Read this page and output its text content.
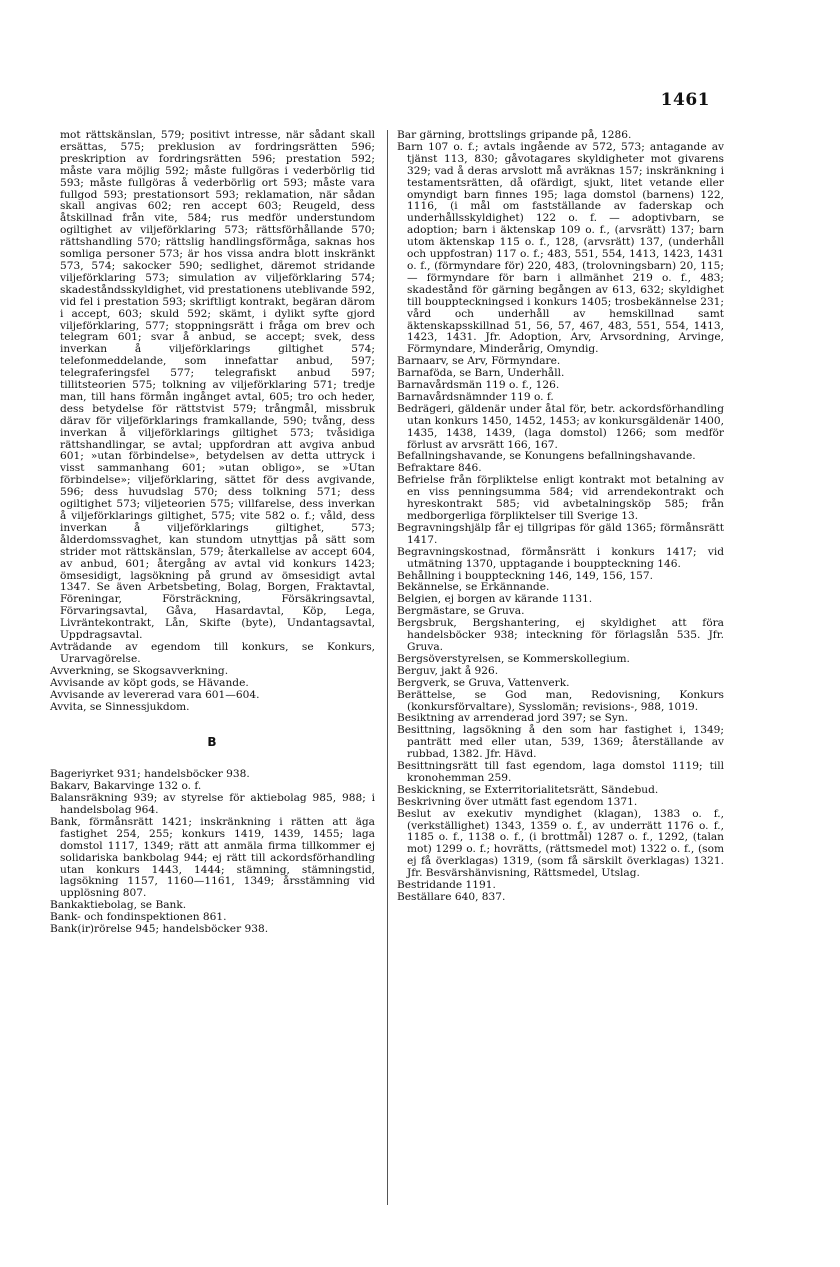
1461

mot rättskänslan, 579; positivt intresse, när sådant skall ersättas, 575; preklusion av fordringsrätten 596; preskription av fordringsrätten 596; prestation 592; måste vara möjlig 592; måste fullgöras i vederbörlig tid 593; måste fullgöras å vederbörlig ort 593; måste vara fullgod 593; prestationsort 593; reklamation, när sådan skall angivas 602; ren accept 603; Reugeld, dess åtskillnad från vite, 584; rus medför understundom ogiltighet av viljeförklaring 573; rättsförhållande 570; rättshandling 570; rättslig handlingsförmåga, saknas hos somliga personer 573; är hos vissa andra blott inskränkt 573, 574; sakocker 590; sedlighet, däremot stridande viljeförklaring 573; simulation av viljeförklaring 574; skadeståndsskyldighet, vid prestationens uteblivande 592, vid fel i prestation 593; skriftligt kontrakt, begäran därom i accept, 603; skuld 592; skämt, i dylikt syfte gjord viljeförklaring, 577; stoppningsrätt i fråga om brev och telegram 601; svar å anbud, se accept; svek, dess inverkan å viljeförklarings giltighet 574; telefonmeddelande, som innefattar anbud, 597; telegraferingsfel 577; telegrafiskt anbud 597; tillitsteorien 575; tolkning av viljeförklaring 571; tredje man, till hans förmån ingånget avtal, 605; tro och heder, dess betydelse för rättstvist 579; trångmål, missbruk därav för viljeförklarings framkallande, 590; tvång, dess inverkan å viljeförklarings giltighet 573; tvåsidiga rättshandlingar, se avtal; uppfordran att avgiva anbud 601; »utan förbindelse», betydelsen av detta uttryck i visst sammanhang 601; »utan obligo», se »Utan förbindelse»; viljeförklaring, sättet för dess avgivande, 596; dess huvudslag 570; dess tolkning 571; dess ogiltighet 573; viljeteorien 575; villfarelse, dess inverkan å viljeförklarings giltighet, 575; vite 582 o. f.; våld, dess inverkan å viljeförklarings giltighet, 573; ålderdomssvaghet, kan stundom utnyttjas på sätt som strider mot rättskänslan, 579; återkallelse av accept 604, av anbud, 601; återgång av avtal vid konkurs 1423; ömsesidigt, lagsökning på grund av ömsesidigt avtal 1347. Se även Arbetsbeting, Bolag, Borgen, Fraktavtal, Föreningar, Försträckning, Försäkringsavtal, Förvaringsavtal, Gåva, Hasardavtal, Köp, Lega, Livräntekontrakt, Lån, Skifte (byte), Undantagsavtal, Uppdragsavtal.

Avträdande av egendom till konkurs, se Konkurs, Urarvagörelse.

Avverkning, se Skogsavverkning.

Avvisande av köpt gods, se Hävande.

Avvisande av levererad vara 601—604.

Avvita, se Sinnessjukdom.

B

Bageriyrket 931; handelsböcker 938.

Bakarv, Bakarvinge 132 o. f.

Balansräkning 939; av styrelse för aktiebolag 985, 988; i handelsbolag 964.

Bank, förmånsrätt 1421; inskränkning i rätten att äga fastighet 254, 255; konkurs 1419, 1439, 1455; laga domstol 1117, 1349; rätt att anmäla firma tillkommer ej solidariska bankbolag 944; ej rätt till ackordsförhandling utan konkurs 1443, 1444; stämning, stämningstid, lagsökning 1157, 1160—1161, 1349; årsstämning vid upplösning 807.

Bankaktiebolag, se Bank.

Bank- och fondinspektionen 861.

Bank(ir)rörelse 945; handelsböcker 938.

Bar gärning, brottslings gripande på, 1286.

Barn 107 o. f.; avtals ingående av 572, 573; antagande av tjänst 113, 830; gåvotagares skyldigheter mot givarens 329; vad å deras arvslott må avräknas 157; inskränkning i testamentsrätten, då ofärdigt, sjukt, litet vetande eller omyndigt barn finnes 195; laga domstol (barnens) 122, 1116, (i mål om fastställande av faderskap och underhållsskyldighet) 122 o. f. — adoptivbarn, se adoption; barn i äktenskap 109 o. f., (arvsrätt) 137; barn utom äktenskap 115 o. f., 128, (arvsrätt) 137, (underhåll och uppfostran) 117 o. f.; 483, 551, 554, 1413, 1423, 1431 o. f., (förmyndare för) 220, 483, (trolovningsbarn) 20, 115; — förmyndare för barn i allmänhet 219 o. f., 483; skadestånd för gärning begången av 613, 632; skyldighet till bouppteckningsed i konkurs 1405; trosbekännelse 231; vård och underhåll av hemskillnad samt äktenskapsskillnad 51, 56, 57, 467, 483, 551, 554, 1413, 1423, 1431. Jfr. Adoption, Arv, Arvsordning, Arvinge, Förmyndare, Minderårig, Omyndig.

Barnaarv, se Arv, Förmyndare.

Barnaföda, se Barn, Underhåll.

Barnavårdsmän 119 o. f., 126.

Barnavårdsnämnder 119 o. f.

Bedrägeri, gäldenär under åtal för, betr. ackordsförhandling utan konkurs 1450, 1452, 1453; av konkursgäldenär 1400, 1435, 1438, 1439, (laga domstol) 1266; som medför förlust av arvsrätt 166, 167.

Befallningshavande, se Konungens befallningshavande.

Befraktare 846.

Befrielse från förpliktelse enligt kontrakt mot betalning av en viss penningsumma 584; vid arrendekontrakt och hyreskontrakt 585; vid avbetalningsköp 585; från medborgerliga förpliktelser till Sverige 13.

Begravningshjälp får ej tillgripas för gäld 1365; förmånsrätt 1417.

Begravningskostnad, förmånsrätt i konkurs 1417; vid utmätning 1370, upptagande i bouppteckning 146.

Behållning i bouppteckning 146, 149, 156, 157.

Bekännelse, se Erkännande.

Belgien, ej borgen av kärande 1131.

Bergmästare, se Gruva.

Bergsbruk, Bergshantering, ej skyldighet att föra handelsböcker 938; inteckning för förlagslån 535. Jfr. Gruva.

Bergsöverstyrelsen, se Kommerskollegium.

Berguv, jakt å 926.

Bergverk, se Gruva, Vattenverk.

Berättelse, se God man, Redovisning, Konkurs (konkursförvaltare), Sysslomän; revisions-, 988, 1019.

Besiktning av arrenderad jord 397; se Syn.

Besittning, lagsökning å den som har fastighet i, 1349; panträtt med eller utan, 539, 1369; återställande av rubbad, 1382. Jfr. Hävd.

Besittningsrätt till fast egendom, laga domstol 1119; till kronohemman 259.

Beskickning, se Exterritorialitetsrätt, Sändebud.

Beskrivning över utmätt fast egendom 1371.

Beslut av exekutiv myndighet (klagan), 1383 o. f., (verkställighet) 1343, 1359 o. f., av underrätt 1176 o. f., 1185 o. f., 1138 o. f., (i brottmål) 1287 o. f., 1292, (talan mot) 1299 o. f.; hovrätts, (rättsmedel mot) 1322 o. f., (som ej få överklagas) 1319, (som få särskilt överklagas) 1321. Jfr. Besvärshänvisning, Rättsmedel, Utslag.

Bestridande 1191.

Beställare 640, 837.
